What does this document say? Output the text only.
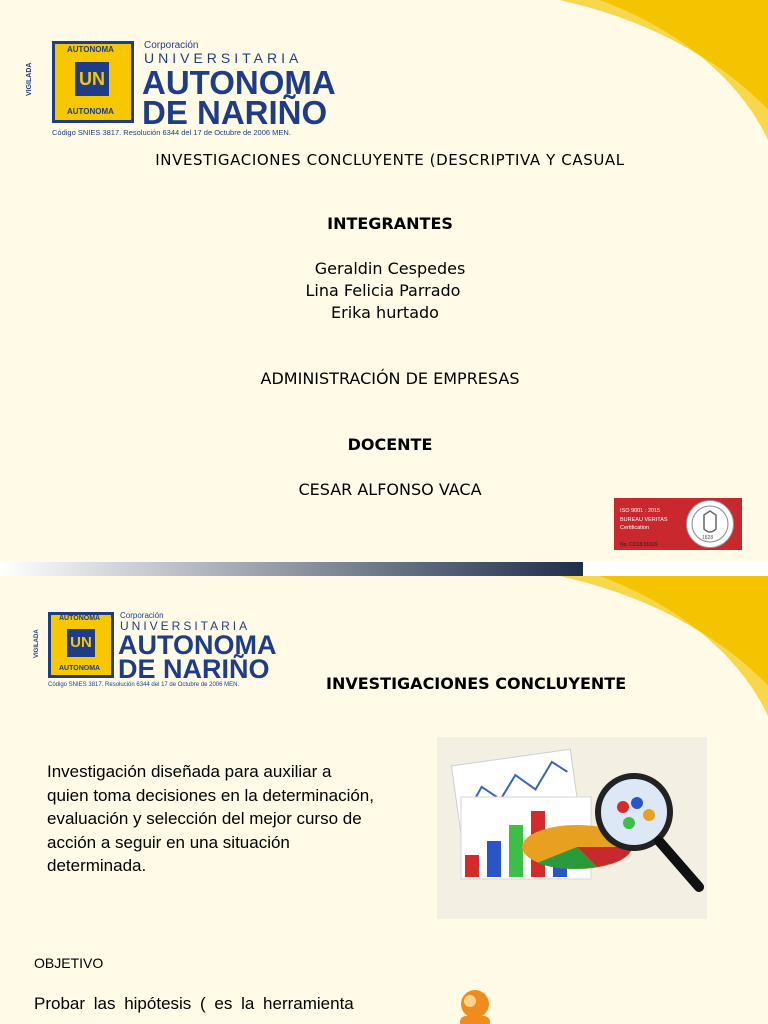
VIGILADA
AUTONOMA
AUTONOMA
UN
Corporación
UNIVERSITARIA
AUTONOMA
DE NARIÑO
Código SNIES 3817. Resolución 6344 del 17 de Octubre de 2006 MEN.
INVESTIGACIONES CONCLUYENTE (DESCRIPTIVA Y CASUAL
INTEGRANTES
Geraldin Cespedes
Lina Felicia Parrado
Erika hurtado
ADMINISTRACIÓN DE EMPRESAS
DOCENTE
CESAR ALFONSO VACA
ISO 9001 : 2015
BUREAU VERITAS
Certification
No. CO18.01029
1828
VIGILADA
AUTONOMA
AUTONOMA
UN
Corporación
UNIVERSITARIA
AUTONOMA
DE NARIÑO
Código SNIES 3817. Resolución 6344 del 17 de Octubre de 2006 MEN.	INVESTIGACIONES CONCLUYENTE
Investigación diseñada para auxiliar a
quien toma decisiones en la determinación,
evaluación y selección del mejor curso de
acción a seguir en una situación
determinada.
OBJETIVO
Probar las hipótesis ( es la herramienta
